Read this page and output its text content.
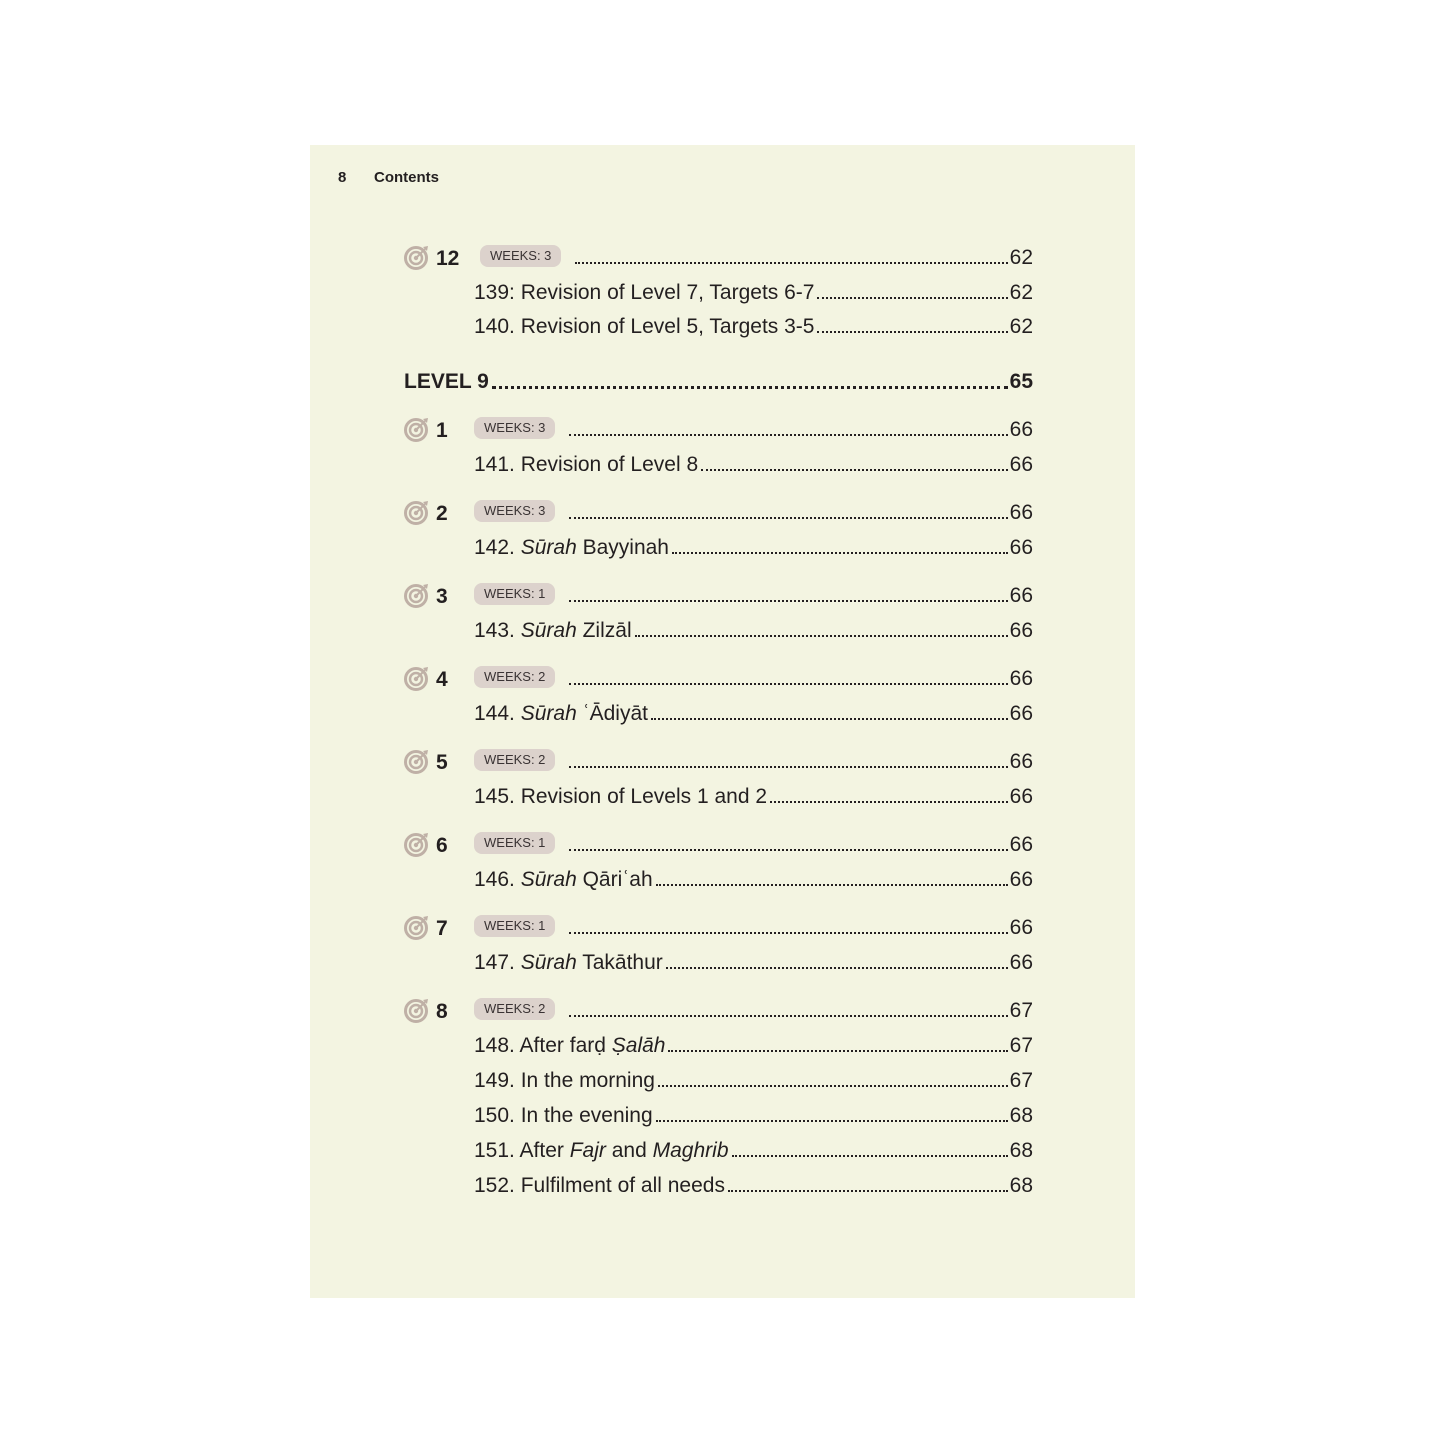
8	Contents
12	WEEKS: 3	62
139: Revision of Level 7, Targets 6-7	62
140. Revision of Level 5, Targets 3-5	62
LEVEL 9	65
1	WEEKS: 3	66
141. Revision of Level 8	66
2	WEEKS: 3	66
142. Sūrah Bayyinah	66
3	WEEKS: 1	66
143. Sūrah Zilzāl	66
4	WEEKS: 2	66
144. Sūrah ʿĀdiyāt	66
5	WEEKS: 2	66
145. Revision of Levels 1 and 2	66
6	WEEKS: 1	66
146. Sūrah Qāriʿah	66
7	WEEKS: 1	66
147. Sūrah Takāthur	66
8	WEEKS: 2	67
148. After farḍ Ṣalāh	67
149. In the morning	67
150. In the evening	68
151. After Fajr and Maghrib	68
152. Fulfilment of all needs	68
